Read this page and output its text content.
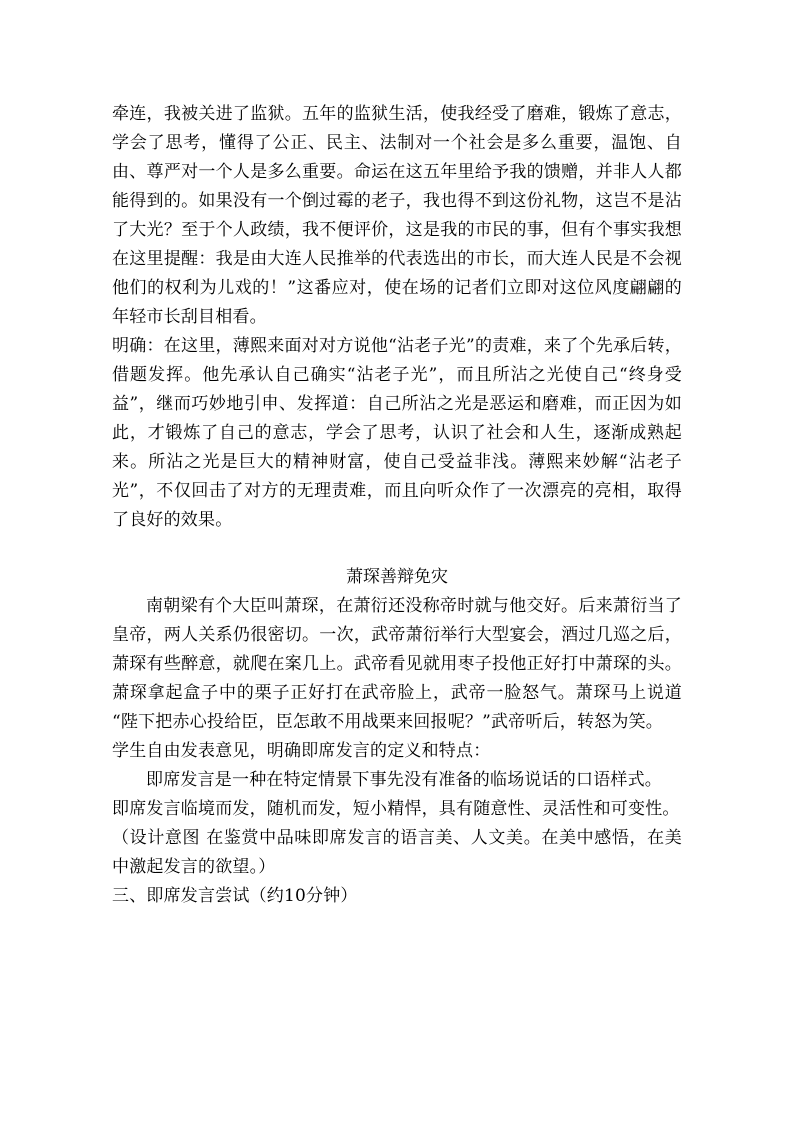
牵连，我被关进了监狱。五年的监狱生活，使我经受了磨难，锻炼了意志，学会了思考，懂得了公正、民主、法制对一个社会是多么重要，温饱、自由、尊严对一个人是多么重要。命运在这五年里给予我的馈赠，并非人人都能得到的。如果没有一个倒过霉的老子，我也得不到这份礼物，这岂不是沾了大光？至于个人政绩，我不便评价，这是我的市民的事，但有个事实我想在这里提醒：我是由大连人民推举的代表选出的市长，而大连人民是不会视他们的权利为儿戏的！”这番应对，使在场的记者们立即对这位风度翩翩的年轻市长刮目相看。

明确：在这里，薄熙来面对对方说他“沾老子光”的责难，来了个先承后转，借题发挥。他先承认自己确实“沾老子光”，而且所沾之光使自己“终身受益”，继而巧妙地引申、发挥道：自己所沾之光是恶运和磨难，而正因为如此，才锻炼了自己的意志，学会了思考，认识了社会和人生，逐渐成熟起来。所沾之光是巨大的精神财富，使自己受益非浅。薄熙来妙解“沾老子光”，不仅回击了对方的无理责难，而且向听众作了一次漂亮的亮相，取得了良好的效果。

萧琛善辩免灾

南朝梁有个大臣叫萧琛，在萧衍还没称帝时就与他交好。后来萧衍当了皇帝，两人关系仍很密切。一次，武帝萧衍举行大型宴会，酒过几巡之后，萧琛有些醉意，就爬在案几上。武帝看见就用枣子投他正好打中萧琛的头。萧琛拿起盒子中的栗子正好打在武帝脸上，武帝一脸怒气。萧琛马上说道 “陛下把赤心投给臣，臣怎敢不用战栗来回报呢？”武帝听后，转怒为笑。

学生自由发表意见，明确即席发言的定义和特点：

即席发言是一种在特定情景下事先没有准备的临场说话的口语样式。

即席发言临境而发，随机而发，短小精悍，具有随意性、灵活性和可变性。

（设计意图 在鉴赏中品味即席发言的语言美、人文美。在美中感悟，在美中激起发言的欲望。）

三、即席发言尝试（约10分钟）
